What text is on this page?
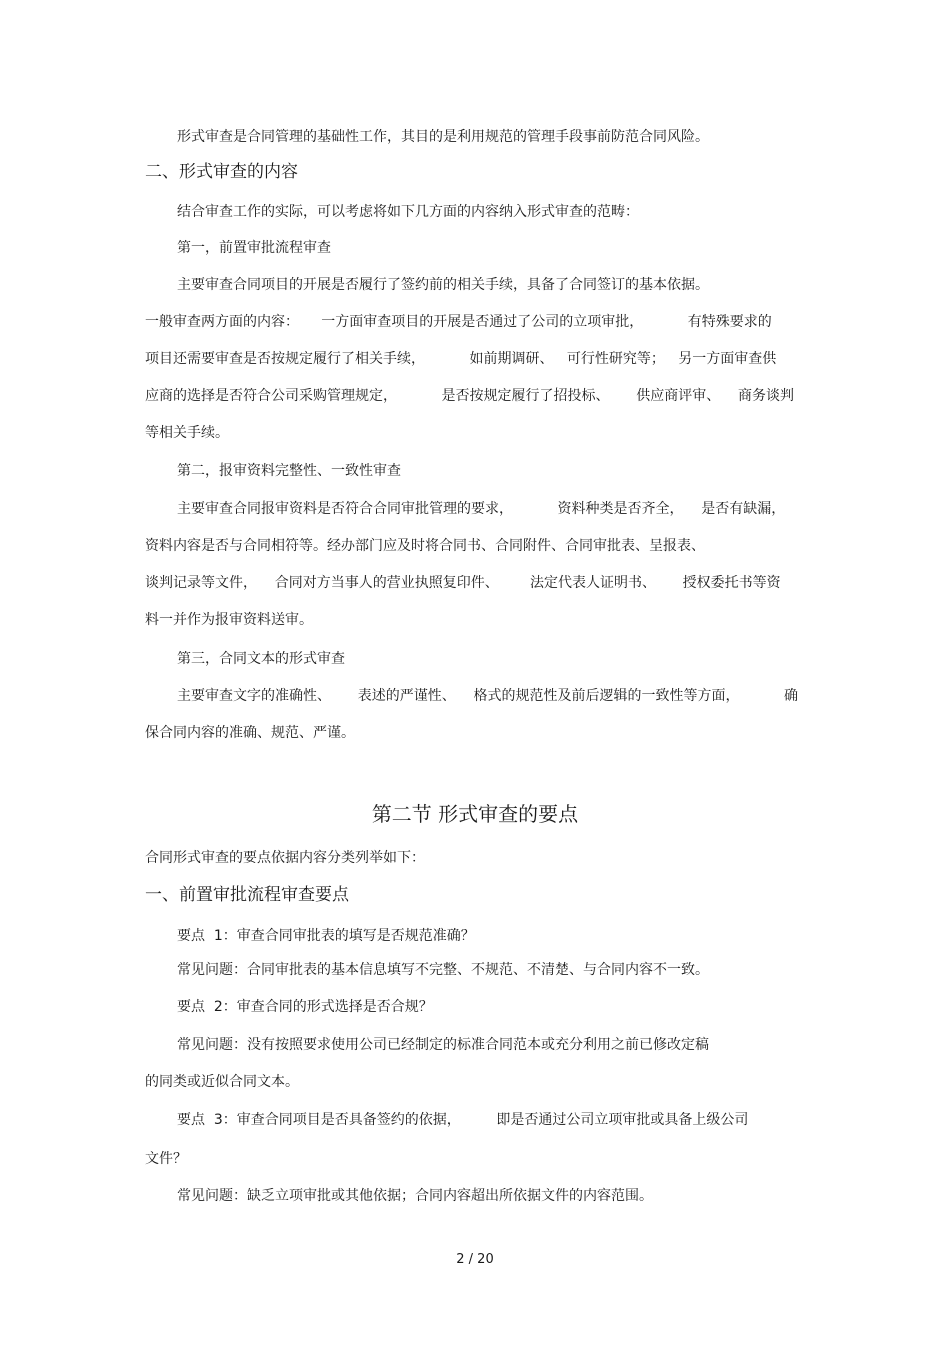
形式审查是合同管理的基础性工作，其目的是利用规范的管理手段事前防范合同风险。
二、形式审查的内容
结合审查工作的实际，可以考虑将如下几方面的内容纳入形式审查的范畴：
第一，前置审批流程审查
主要审查合同项目的开展是否履行了签约前的相关手续，具备了合同签订的基本依据。
一般审查两方面的内容：     一方面审查项目的开展是否通过了公司的立项审批，          有特殊要求的
项目还需要审查是否按规定履行了相关手续，          如前期调研、   可行性研究等；   另一方面审查供
应商的选择是否符合公司采购管理规定，          是否按规定履行了招投标、      供应商评审、    商务谈判
等相关手续。
第二，报审资料完整性、一致性审查
主要审查合同报审资料是否符合合同审批管理的要求，          资料种类是否齐全，    是否有缺漏，
资料内容是否与合同相符等。经办部门应及时将合同书、合同附件、合同审批表、呈报表、
谈判记录等文件，    合同对方当事人的营业执照复印件、       法定代表人证明书、      授权委托书等资
料一并作为报审资料送审。
第三，合同文本的形式审查
主要审查文字的准确性、      表述的严谨性、    格式的规范性及前后逻辑的一致性等方面，          确
保合同内容的准确、规范、严谨。
第二节 形式审查的要点
合同形式审查的要点依据内容分类列举如下：
一、前置审批流程审查要点
要点  1：审查合同审批表的填写是否规范准确？
常见问题：合同审批表的基本信息填写不完整、不规范、不清楚、与合同内容不一致。
要点  2：审查合同的形式选择是否合规？
常见问题：没有按照要求使用公司已经制定的标准合同范本或充分利用之前已修改定稿
的同类或近似合同文本。
要点  3：审查合同项目是否具备签约的依据，        即是否通过公司立项审批或具备上级公司
文件？
常见问题：缺乏立项审批或其他依据；合同内容超出所依据文件的内容范围。
2 / 20
